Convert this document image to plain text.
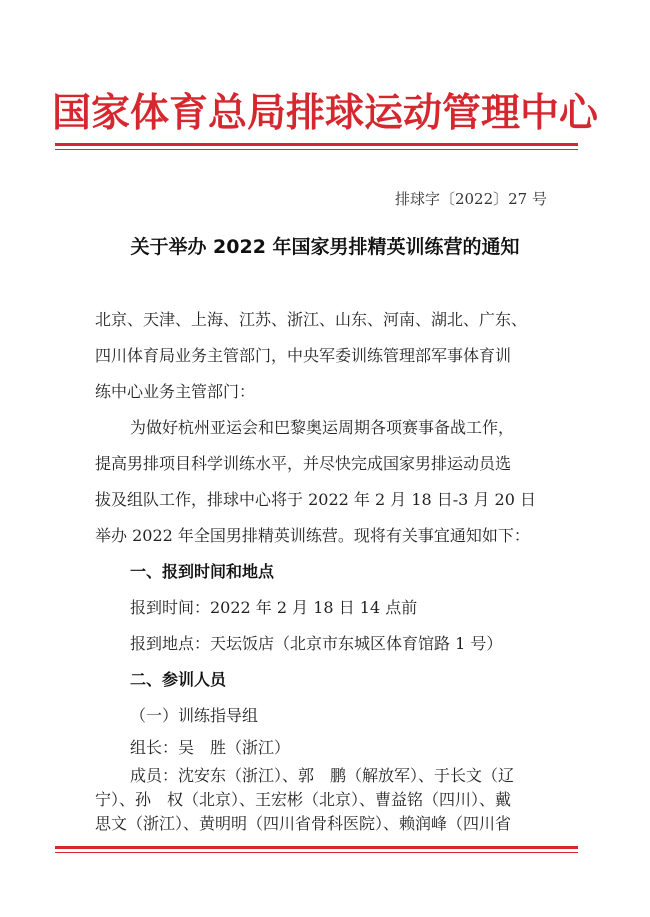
国家体育总局排球运动管理中心
排球字〔2022〕27 号
关于举办 2022 年国家男排精英训练营的通知
北京、天津、上海、江苏、浙江、山东、河南、湖北、广东、
四川体育局业务主管部门，中央军委训练管理部军事体育训
练中心业务主管部门：
为做好杭州亚运会和巴黎奥运周期各项赛事备战工作，
提高男排项目科学训练水平，并尽快完成国家男排运动员选
拔及组队工作，排球中心将于 2022 年 2 月 18 日-3 月 20 日
举办 2022 年全国男排精英训练营。现将有关事宜通知如下：
一、报到时间和地点
报到时间：2022 年 2 月 18 日 14 点前
报到地点：天坛饭店（北京市东城区体育馆路 1 号）
二、参训人员
（一）训练指导组
组长：吴　胜（浙江）
成员：沈安东（浙江）、郭　鹏（解放军）、于长文（辽
宁）、孙　权（北京）、王宏彬（北京）、曹益铭（四川）、戴
思文（浙江）、黄明明（四川省骨科医院）、赖润峰（四川省
